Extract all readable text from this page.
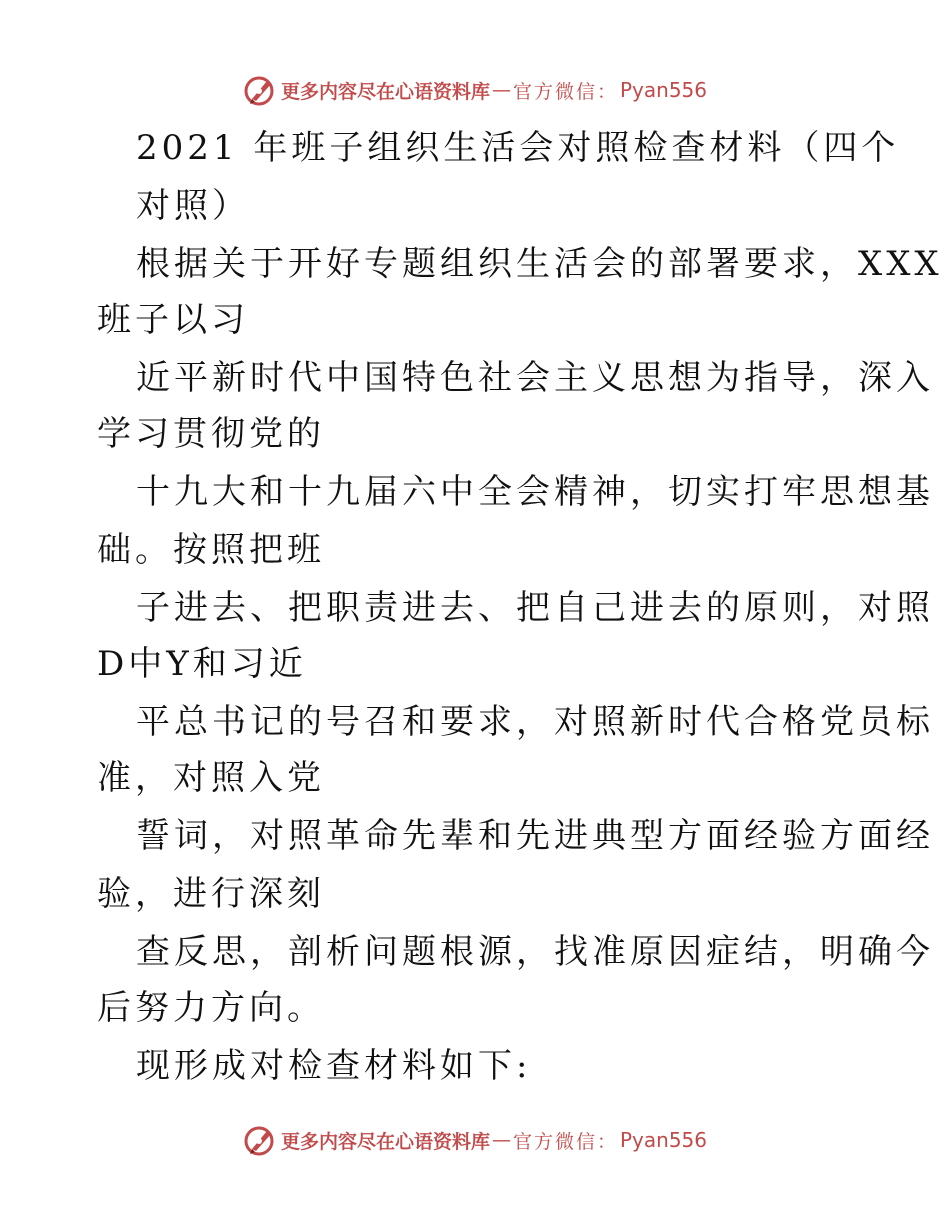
更多内容尽在心语资料库 — 官方微信： Pyan556
2021 年班子组织生活会对照检查材料（四个
对照）
根据关于开好专题组织生活会的部署要求，XXX
班子以习
近平新时代中国特色社会主义思想为指导，深入
学习贯彻党的
十九大和十九届六中全会精神，切实打牢思想基
础。按照把班
子进去、把职责进去、把自己进去的原则，对照
D中Y和习近
平总书记的号召和要求，对照新时代合格党员标
准，对照入党
誓词，对照革命先辈和先进典型方面经验方面经
验，进行深刻
查反思，剖析问题根源，找准原因症结，明确今
后努力方向。
现形成对检查材料如下:
更多内容尽在心语资料库 — 官方微信： Pyan556
